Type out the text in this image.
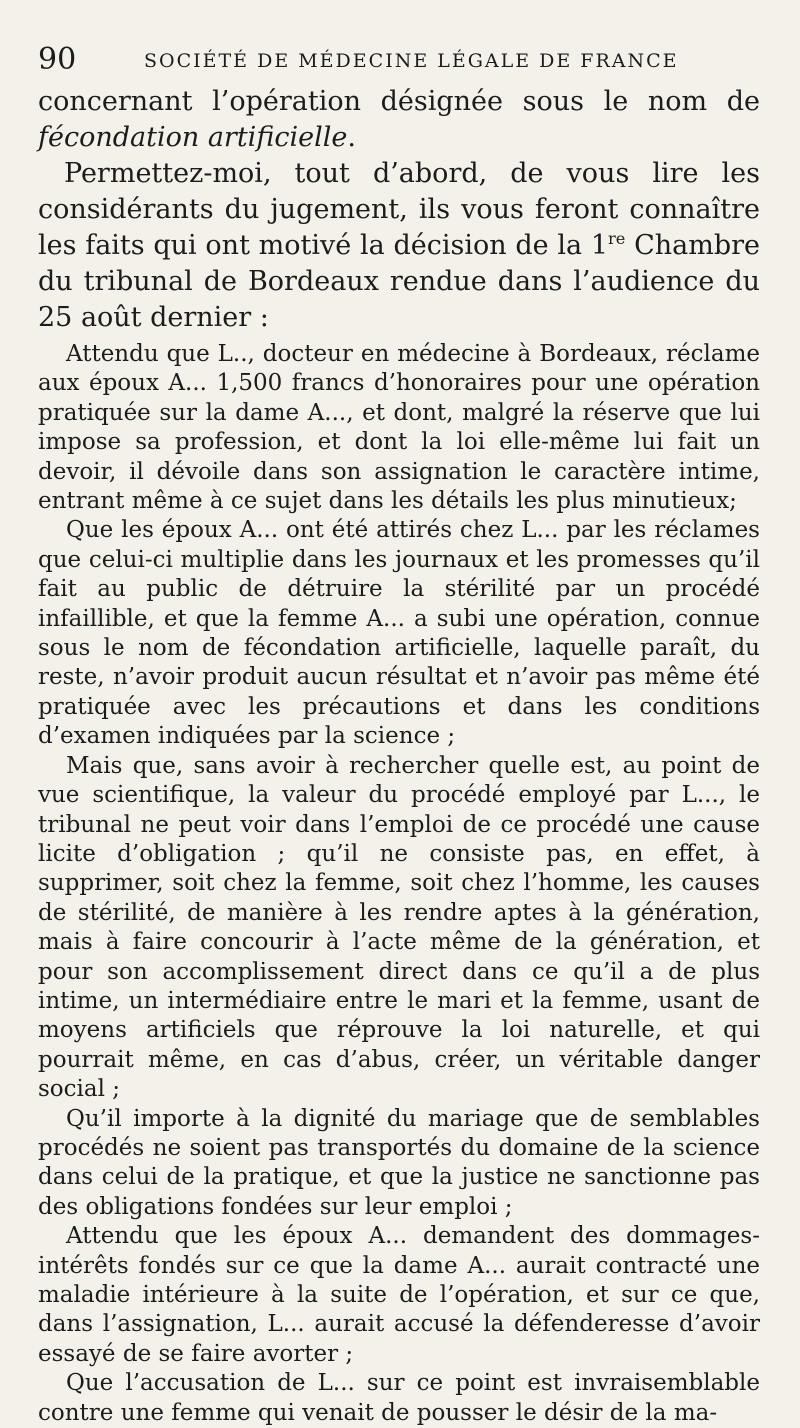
90	SOCIÉTÉ DE MÉDECINE LÉGALE DE FRANCE

concernant l’opération désignée sous le nom de fécondation artificielle.

Permettez-moi, tout d’abord, de vous lire les considérants du jugement, ils vous feront connaître les faits qui ont motivé la décision de la 1re Chambre du tribunal de Bordeaux rendue dans l’audience du 25 août dernier :

Attendu que L.., docteur en médecine à Bordeaux, réclame aux époux A... 1,500 francs d’honoraires pour une opération pratiquée sur la dame A..., et dont, malgré la réserve que lui impose sa profession, et dont la loi elle-même lui fait un devoir, il dévoile dans son assignation le caractère intime, entrant même à ce sujet dans les détails les plus minutieux;

Que les époux A... ont été attirés chez L... par les réclames que celui-ci multiplie dans les journaux et les promesses qu’il fait au public de détruire la stérilité par un procédé infaillible, et que la femme A... a subi une opération, connue sous le nom de fécondation artificielle, laquelle paraît, du reste, n’avoir produit aucun résultat et n’avoir pas même été pratiquée avec les précautions et dans les conditions d’examen indiquées par la science ;

Mais que, sans avoir à rechercher quelle est, au point de vue scientifique, la valeur du procédé employé par L..., le tribunal ne peut voir dans l’emploi de ce procédé une cause licite d’obligation ; qu’il ne consiste pas, en effet, à supprimer, soit chez la femme, soit chez l’homme, les causes de stérilité, de manière à les rendre aptes à la génération, mais à faire concourir à l’acte même de la génération, et pour son accomplissement direct dans ce qu’il a de plus intime, un intermédiaire entre le mari et la femme, usant de moyens artificiels que réprouve la loi naturelle, et qui pourrait même, en cas d’abus, créer, un véritable danger social ;

Qu’il importe à la dignité du mariage que de semblables procédés ne soient pas transportés du domaine de la science dans celui de la pratique, et que la justice ne sanctionne pas des obligations fondées sur leur emploi ;

Attendu que les époux A... demandent des dommages-intérêts fondés sur ce que la dame A... aurait contracté une maladie intérieure à la suite de l’opération, et sur ce que, dans l’assignation, L... aurait accusé la défenderesse d’avoir essayé de se faire avorter ;

Que l’accusation de L... sur ce point est invraisemblable contre une femme qui venait de pousser le désir de la ma-
